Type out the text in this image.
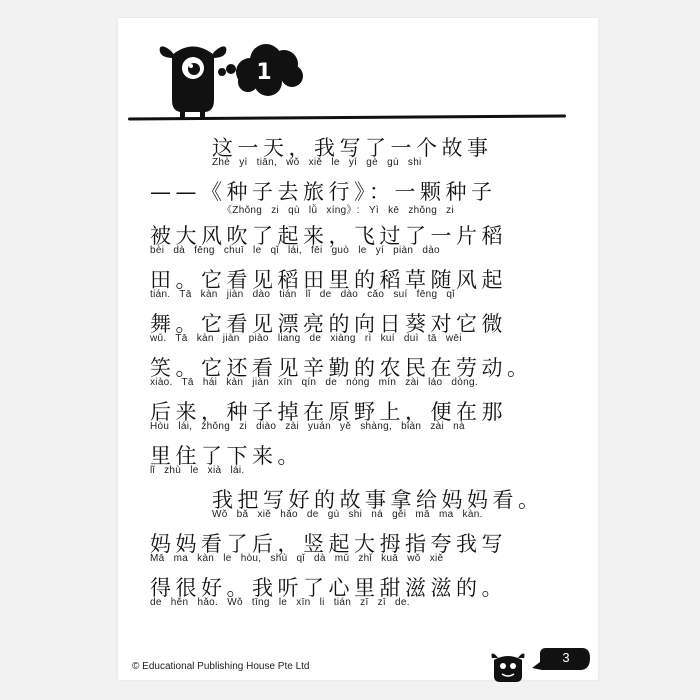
1
这一天，我写了一个故事
Zhè yì tiān, wǒ xiě le yí gè gù shi
——《种子去旅行》：一颗种子
《Zhǒng zi qù lǚ xíng》: Yì kē zhǒng zi
被大风吹了起来，飞过了一片稻
bèi dà fēng chuī le qǐ lái, fēi guò le yí piàn dào
田。它看见稻田里的稻草随风起
tián. Tā kàn jiàn dào tián lǐ de dào cǎo suí fēng qǐ
舞。它看见漂亮的向日葵对它微
wǔ. Tā kàn jiàn piào liang de xiàng rì kuí duì tā wēi
笑。它还看见辛勤的农民在劳动。
xiào. Tā hái kàn jiàn xīn qín de nóng mín zài láo dòng.
后来，种子掉在原野上，便在那
Hòu lái, zhǒng zi diào zài yuán yě shàng, biàn zài nà
里住了下来。
lǐ zhù le xià lái.
我把写好的故事拿给妈妈看。
Wǒ bǎ xiě hǎo de gù shi ná gěi mā ma kàn.
妈妈看了后，竖起大拇指夸我写
Mā ma kàn le hòu, shù qǐ dà mǔ zhǐ kuā wǒ xiě
得很好。我听了心里甜滋滋的。
de hěn hǎo. Wǒ tīng le xīn li tián zī zī de.
© Educational Publishing House Pte Ltd
3
